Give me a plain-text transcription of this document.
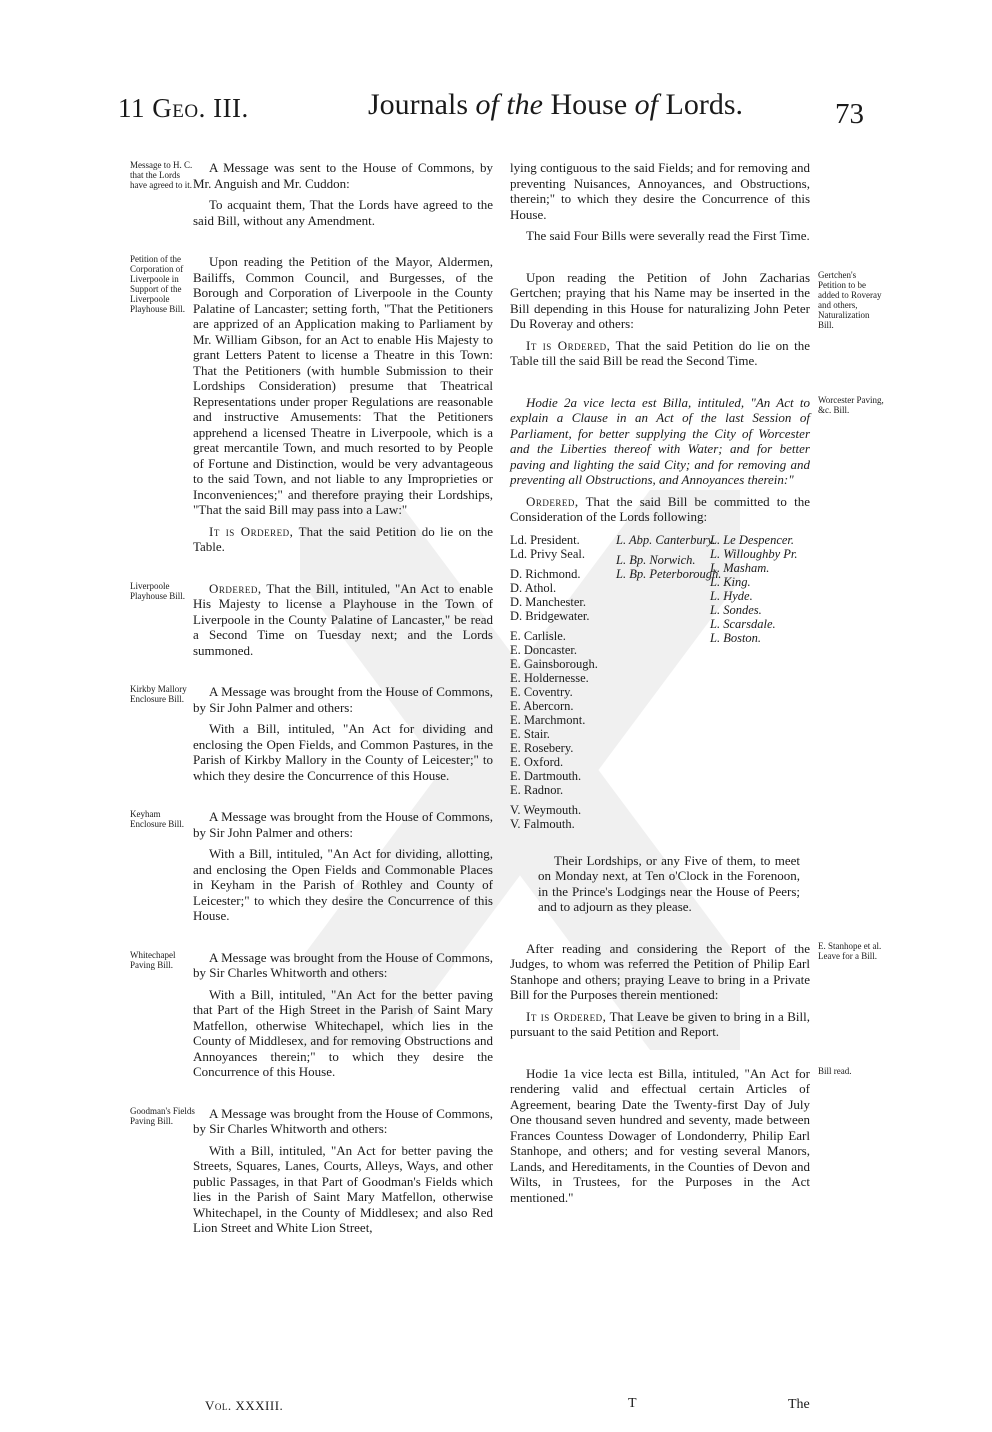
11 Geo. III.	Journals of the House of Lords.	73
Message to H. C. that the Lords have agreed to it.

A Message was sent to the House of Commons, by Mr. Anguish and Mr. Cuddon:

To acquaint them, That the Lords have agreed to the said Bill, without any Amendment.

Petition of the Corporation of Liverpoole in Support of the Liverpoole Playhouse Bill.

Upon reading the Petition of the Mayor, Aldermen, Bailiffs, Common Council, and Burgesses, of the Borough and Corporation of Liverpoole in the County Palatine of Lancaster; setting forth, "That the Petitioners are apprized of an Application making to Parliament by Mr. William Gibson, for an Act to enable His Majesty to grant Letters Patent to license a Theatre in this Town: That the Petitioners (with humble Submission to their Lordships Consideration) presume that Theatrical Representations under proper Regulations are reasonable and instructive Amusements: That the Petitioners apprehend a licensed Theatre in Liverpoole, which is a great mercantile Town, and much resorted to by People of Fortune and Distinction, would be very advantageous to the said Town, and not liable to any Improprieties or Inconveniences;" and therefore praying their Lordships, "That the said Bill may pass into a Law:"

It is Ordered, That the said Petition do lie on the Table.

Liverpoole Playhouse Bill.	Ordered, That the Bill, intituled, "An Act to enable His Majesty to license a Playhouse in the Town of Liverpoole in the County Palatine of Lancaster," be read a Second Time on Tuesday next; and the Lords summoned.

Kirkby Mallory Enclosure Bill.	A Message was brought from the House of Commons, by Sir John Palmer and others:

With a Bill, intituled, "An Act for dividing and enclosing the Open Fields, and Common Pastures, in the Parish of Kirkby Mallory in the County of Leicester;" to which they desire the Concurrence of this House.

Keyham Enclosure Bill.	A Message was brought from the House of Commons, by Sir John Palmer and others:

With a Bill, intituled, "An Act for dividing, allotting, and enclosing the Open Fields and Commonable Places in Keyham in the Parish of Rothley and County of Leicester;" to which they desire the Concurrence of this House.

Whitechapel Paving Bill.	A Message was brought from the House of Commons, by Sir Charles Whitworth and others:

With a Bill, intituled, "An Act for the better paving that Part of the High Street in the Parish of Saint Mary Matfellon, otherwise Whitechapel, which lies in the County of Middlesex, and for removing Obstructions and Annoyances therein;" to which they desire the Concurrence of this House.

Goodman's Fields Paving Bill.	A Message was brought from the House of Commons, by Sir Charles Whitworth and others:

With a Bill, intituled, "An Act for better paving the Streets, Squares, Lanes, Courts, Alleys, Ways, and other public Passages, in that Part of Goodman's Fields which lies in the Parish of Saint Mary Matfellon, otherwise Whitechapel, in the County of Middlesex; and also Red Lion Street and White Lion Street,

lying contiguous to the said Fields; and for removing and preventing Nuisances, Annoyances, and Obstructions, therein;" to which they desire the Concurrence of this House.

The said Four Bills were severally read the First Time.

Gertchen's Petition to be added to Roveray and others, Naturalization Bill.

Upon reading the Petition of John Zacharias Gertchen; praying that his Name may be inserted in the Bill depending in this House for naturalizing John Peter Du Roveray and others:

It is Ordered, That the said Petition do lie on the Table till the said Bill be read the Second Time.

Worcester Paving, &c. Bill.

Hodie 2a vice lecta est Billa, intituled, "An Act to explain a Clause in an Act of the last Session of Parliament, for better supplying the City of Worcester and the Liberties thereof with Water; and for better paving and lighting the said City; and for removing and preventing all Obstructions, and Annoyances therein:"

Ordered, That the said Bill be committed to the Consideration of the Lords following:

Ld. President.
Ld. Privy Seal.
D. Richmond.
D. Athol.
D. Manchester.
D. Bridgewater.
E. Carlisle.
E. Doncaster.
E. Gainsborough.
E. Holdernesse.
E. Coventry.
E. Abercorn.
E. Marchmont.
E. Stair.
E. Rosebery.
E. Oxford.
E. Dartmouth.
E. Radnor.
V. Weymouth.
V. Falmouth.
L. Abp. Canterbury.
L. Bp. Norwich.
L. Bp. Peterborough.
L. Le Despencer.
L. Willoughby Pr.
L. Masham.
L. King.
L. Hyde.
L. Sondes.
L. Scarsdale.
L. Boston.

Their Lordships, or any Five of them, to meet on Monday next, at Ten o'Clock in the Forenoon, in the Prince's Lodgings near the House of Peers; and to adjourn as they please.

E. Stanhope et al. Leave for a Bill.

After reading and considering the Report of the Judges, to whom was referred the Petition of Philip Earl Stanhope and others; praying Leave to bring in a Private Bill for the Purposes therein mentioned:

It is Ordered, That Leave be given to bring in a Bill, pursuant to the said Petition and Report.

Bill read.

Hodie 1a vice lecta est Billa, intituled, "An Act for rendering valid and effectual certain Articles of Agreement, bearing Date the Twenty-first Day of July One thousand seven hundred and seventy, made between Frances Countess Dowager of Londonderry, Philip Earl Stanhope, and others; and for vesting several Manors, Lands, and Hereditaments, in the Counties of Devon and Wilts, in Trustees, for the Purposes in the Act mentioned."

Vol. XXXIII.	T	The
